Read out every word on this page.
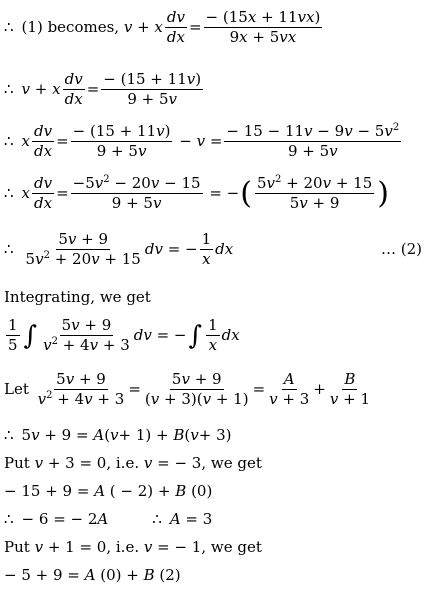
∴ (1) becomes,
v + x $\frac{dv}{dx} = \frac{- (15x + 11vx)}{9x + 5vx}$
∴ v + x $\frac{dv}{dx} = \frac{- (15 + 11v)}{9 + 5v}$
∴ x $\frac{dv}{dx} = \frac{- (15 + 11v)}{9 + 5v} - v = \frac{- 15 - 11v - 9v - 5v^2}{9 + 5v}$
∴ x $\frac{dv}{dx} = \frac{-5v^2 - 20v - 15}{9 + 5v}$ = − ( $\frac{5v^2 + 20v + 15}{5v + 9}$ )
∴ $\frac{5v + 9}{5v^2 + 20v + 15}$ dv = − $\frac{1}{x}$ dx	… (2)
Integrating, we get
$\frac{1}{5}$ ∫ $\frac{5v + 9}{v^2 + 4v + 3}$ dv = − ∫ $\frac{1}{x}$ dx
Let
$\frac{5v + 9}{v^2 + 4v + 3} = \frac{5v + 9}{(v + 3)(v + 1)} = \frac{A}{v + 3} + \frac{B}{v + 1}$
∴ 5 v + 9 = A ( v + 1) + B ( v + 3)
Put
v + 3 = 0 , i.e.
v = − 3 , we get
− 15 + 9 = A ( − 2) + B (0)
∴ − 6 = − 2 A	∴ A = 3
Put
v + 1 = 0 , i.e.
v = − 1 , we get
− 5 + 9 = A (0) + B (2)
